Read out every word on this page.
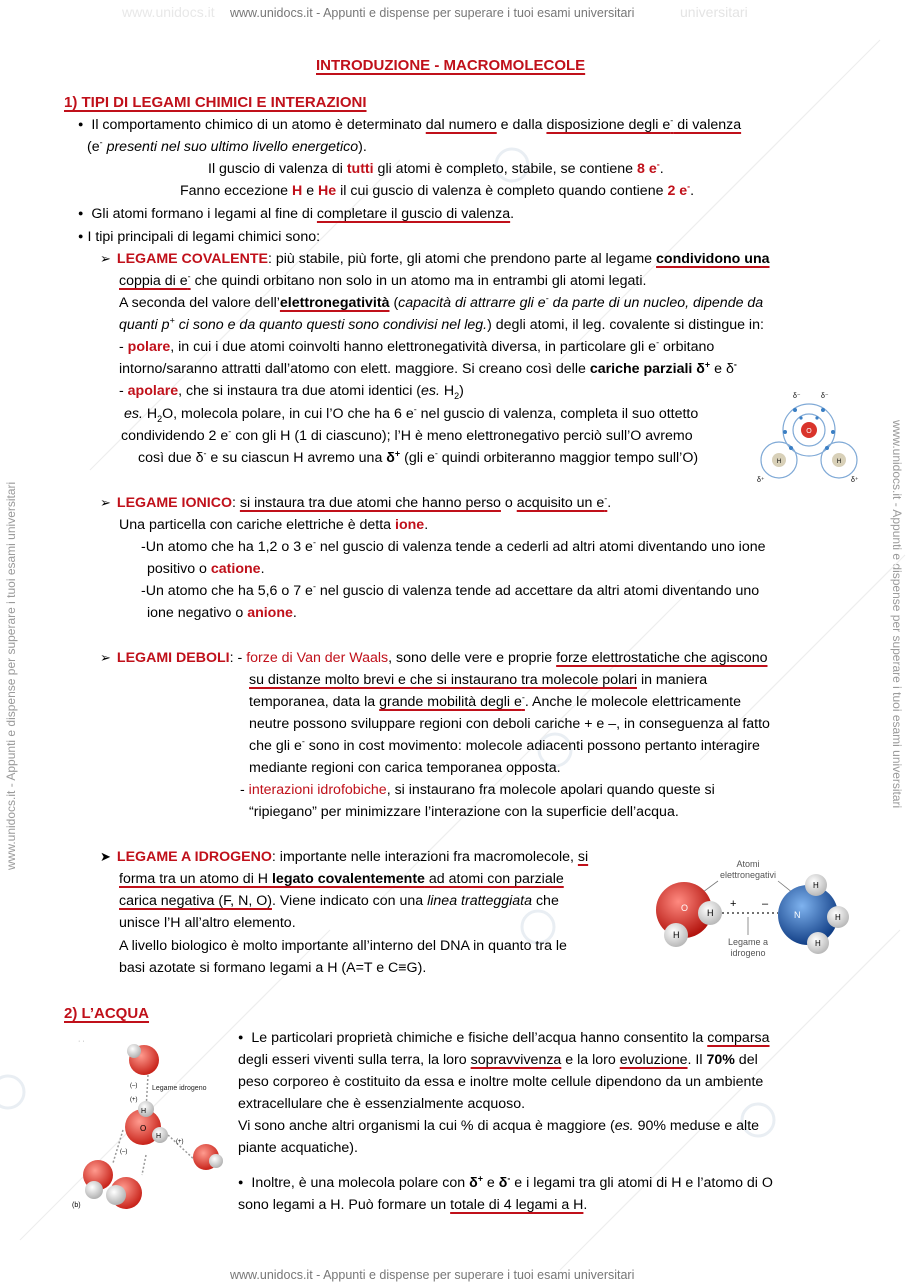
www.unidocs.it www.unidocs.it - Appunti e dispense per superare i tuoi esami universitari	universitari
www.unidocs.it - Appunti e dispense per superare i tuoi esami universitari
www.unidocs.it - Appunti e dispense per superare i tuoi esami universitari	www.unidocs.it - Appunti e dispense per superare i tuoi esami universitari
INTRODUZIONE - MACROMOLECOLE
1) TIPI DI LEGAMI CHIMICI E INTERAZIONI
● Il comportamento chimico di un atomo è determinato dal numero e dalla disposizione degli e- di valenza
(e- presenti nel suo ultimo livello energetico).
Il guscio di valenza di tutti gli atomi è completo, stabile, se contiene 8 e-.
Fanno eccezione H e He il cui guscio di valenza è completo quando contiene 2 e-.
● Gli atomi formano i legami al fine di completare il guscio di valenza.
● I tipi principali di legami chimici sono:
➢ LEGAME COVALENTE: più stabile, più forte, gli atomi che prendono parte al legame condividono una
coppia di e- che quindi orbitano non solo in un atomo ma in entrambi gli atomi legati.
A seconda del valore dell’elettronegatività (capacità di attrarre gli e- da parte di un nucleo, dipende da
quanti p+ ci sono e da quanto questi sono condivisi nel leg.) degli atomi, il leg. covalente si distingue in:
- polare, in cui i due atomi coinvolti hanno elettronegatività diversa, in particolare gli e- orbitano
intorno/saranno attratti dall’atomo con elett. maggiore. Si creano così delle cariche parziali δ+ e δ-
- apolare, che si instaura tra due atomi identici (es. $H_2$)
es. $H_2O$, molecola polare, in cui l’O che ha 6 e- nel guscio di valenza, completa il suo ottetto
condividendo 2 e- con gli H (1 di ciascuno); l’H è meno elettronegativo perciò sull’O avremo
così due δ- e su ciascun H avremo una δ+ (gli e- quindi orbiteranno maggior tempo sull’O)
O
H	H
δ⁻	δ⁻
δ⁺	δ⁺
➢ LEGAME IONICO: si instaura tra due atomi che hanno perso o acquisito un e-.
Una particella con cariche elettriche è detta ione.
-Un atomo che ha 1,2 o 3 e- nel guscio di valenza tende a cederli ad altri atomi diventando uno ione
positivo o catione.
-Un atomo che ha 5,6 o 7 e- nel guscio di valenza tende ad accettare da altri atomi diventando uno
ione negativo o anione.
➢ LEGAMI DEBOLI: - forze di Van der Waals, sono delle vere e proprie forze elettrostatiche che agiscono
su distanze molto brevi e che si instaurano tra molecole polari in maniera
temporanea, data la grande mobilità degli e-. Anche le molecole elettricamente
neutre possono sviluppare regioni con deboli cariche + e –, in conseguenza al fatto
che gli e- sono in cost movimento: molecole adiacenti possono pertanto interagire
mediante regioni con carica temporanea opposta.
- interazioni idrofobiche, si instaurano fra molecole apolari quando queste si
“ripiegano” per minimizzare l’interazione con la superficie dell’acqua.
➤ LEGAME A IDROGENO: importante nelle interazioni fra macromolecole, si
forma tra un atomo di H legato covalentemente ad atomi con parziale
carica negativa (F, N, O). Viene indicato con una linea tratteggiata che
unisce l’H all’altro elemento.
A livello biologico è molto importante all’interno del DNA in quanto tra le
basi azotate si formano legami a H (A=T e C≡G).
Atomi
elettronegativi
O H
H
+ –
N
H
H
H
Legame a
idrogeno
2) L’ACQUA
· ·
H
O
H
Legame idrogeno
(–)
(+)
(+)
(–)
(b)
● Le particolari proprietà chimiche e fisiche dell’acqua hanno consentito la comparsa
degli esseri viventi sulla terra, la loro sopravvivenza e la loro evoluzione. Il 70% del
peso corporeo è costituito da essa e inoltre molte cellule dipendono da un ambiente
extracellulare che è essenzialmente acquoso.
Vi sono anche altri organismi la cui % di acqua è maggiore (es. 90% meduse e alte
piante acquatiche).
● Inoltre, è una molecola polare con δ+ e δ- e i legami tra gli atomi di H e l’atomo di O
sono legami a H. Può formare un totale di 4 legami a H.
